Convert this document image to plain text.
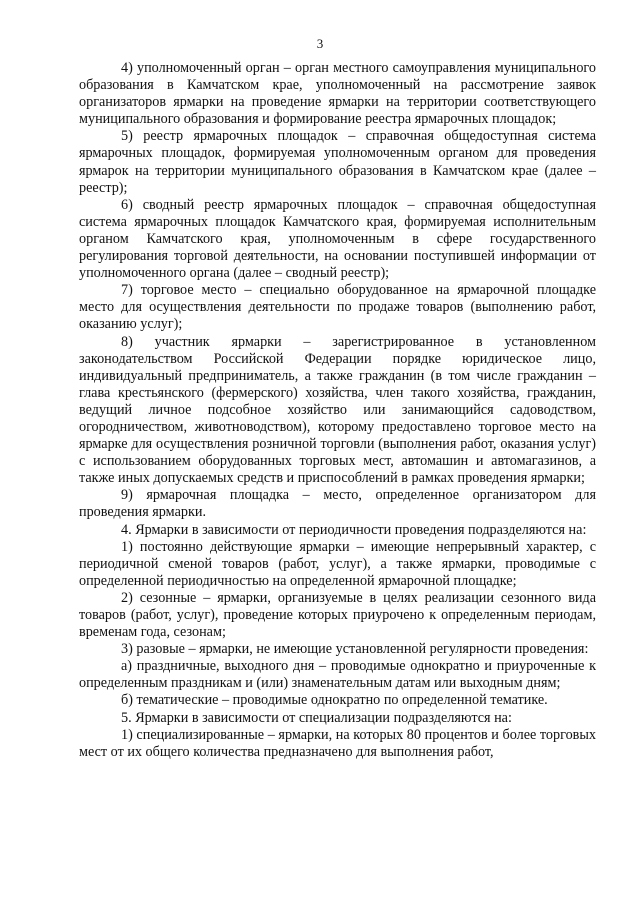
3

4) уполномоченный орган – орган местного самоуправления муниципального образования в Камчатском крае, уполномоченный на рассмотрение заявок организаторов ярмарки на проведение ярмарки на территории соответствующего муниципального образования и формирование реестра ярмарочных площадок;

5) реестр ярмарочных площадок – справочная общедоступная система ярмарочных площадок, формируемая уполномоченным органом для проведения ярмарок на территории муниципального образования в Камчатском крае (далее – реестр);

6) сводный реестр ярмарочных площадок – справочная общедоступная система ярмарочных площадок Камчатского края, формируемая исполнительным органом Камчатского края, уполномоченным в сфере государственного регулирования торговой деятельности, на основании поступившей информации от уполномоченного органа (далее – сводный реестр);

7) торговое место – специально оборудованное на ярмарочной площадке место для осуществления деятельности по продаже товаров (выполнению работ, оказанию услуг);

8) участник ярмарки – зарегистрированное в установленном законодательством Российской Федерации порядке юридическое лицо, индивидуальный предприниматель, а также гражданин (в том числе гражданин – глава крестьянского (фермерского) хозяйства, член такого хозяйства, гражданин, ведущий личное подсобное хозяйство или занимающийся садоводством, огородничеством, животноводством), которому предоставлено торговое место на ярмарке для осуществления розничной торговли (выполнения работ, оказания услуг) с использованием оборудованных торговых мест, автомашин и автомагазинов, а также иных допускаемых средств и приспособлений в рамках проведения ярмарки;

9) ярмарочная площадка – место, определенное организатором для проведения ярмарки.

4. Ярмарки в зависимости от периодичности проведения подразделяются на:

1) постоянно действующие ярмарки – имеющие непрерывный характер, с периодичной сменой товаров (работ, услуг), а также ярмарки, проводимые с определенной периодичностью на определенной ярмарочной площадке;

2) сезонные – ярмарки, организуемые в целях реализации сезонного вида товаров (работ, услуг), проведение которых приурочено к определенным периодам, временам года, сезонам;

3) разовые – ярмарки, не имеющие установленной регулярности проведения:

а) праздничные, выходного дня – проводимые однократно и приуроченные к определенным праздникам и (или) знаменательным датам или выходным дням;

б) тематические – проводимые однократно по определенной тематике.

5. Ярмарки в зависимости от специализации подразделяются на:

1) специализированные – ярмарки, на которых 80 процентов и более торговых мест от их общего количества предназначено для выполнения работ,
